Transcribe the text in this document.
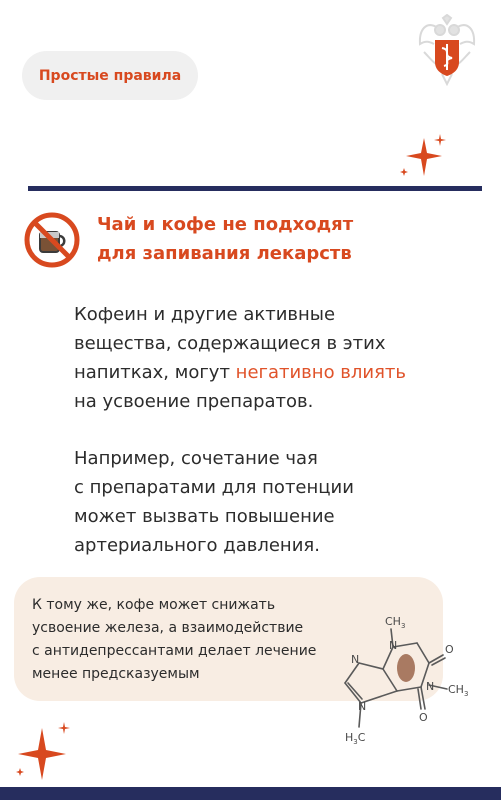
Простые правила
Чай и кофе не подходят
для запивания лекарств
Кофеин и другие активные
вещества, содержащиеся в этих
напитках, могут негативно влиять
на усвоение препаратов.
Например, сочетание чая
с препаратами для потенции
может вызвать повышение
артериального давления.
К тому же, кофе может снижать
усвоение железа, а взаимодействие
с антидепрессантами делает лечение
менее предсказуемым
$CH_3$
$CH_3$
$H_3C$
O
O
N
N
N
N
